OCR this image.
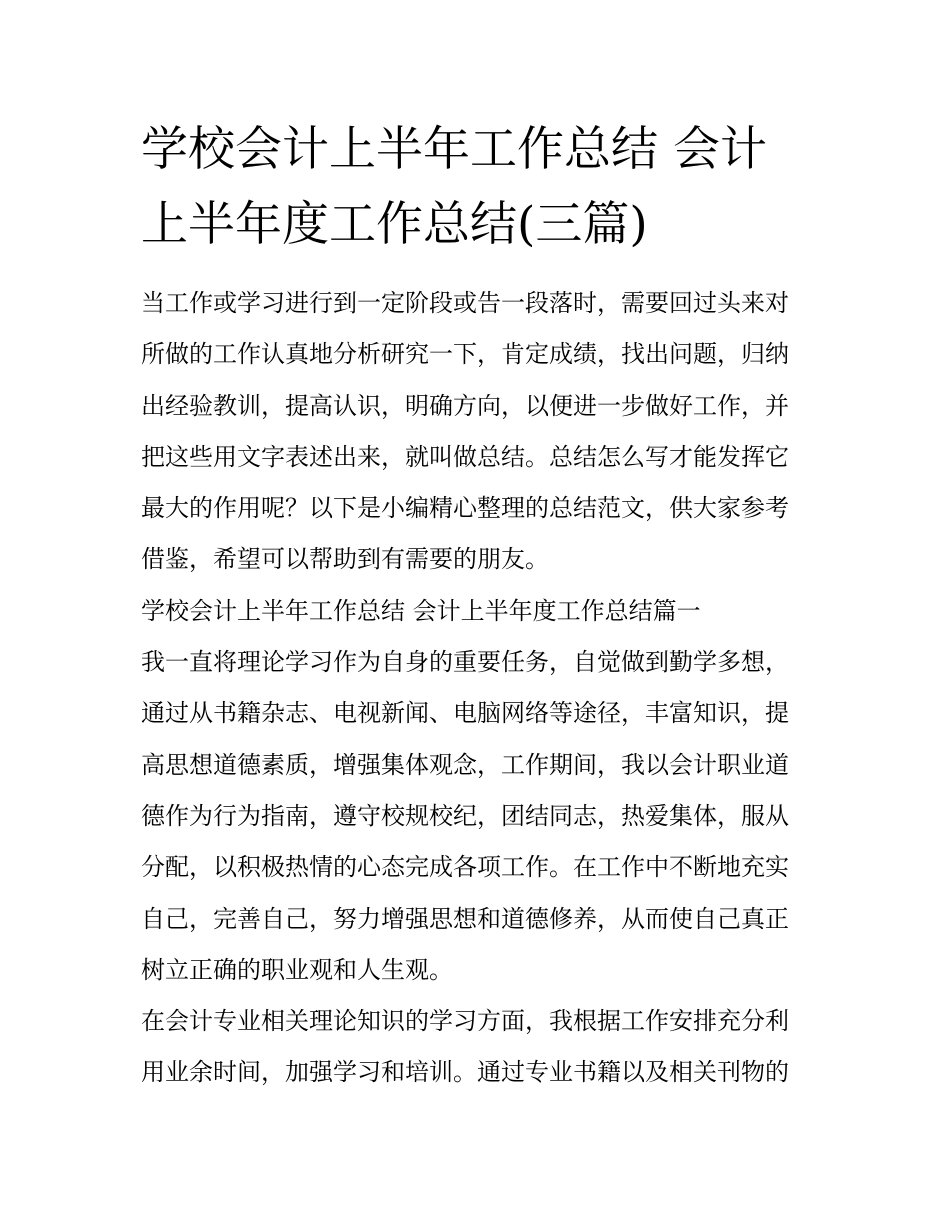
学校会计上半年工作总结 会计
上半年度工作总结(三篇)
当工作或学习进行到一定阶段或告一段落时，需要回过头来对
所做的工作认真地分析研究一下，肯定成绩，找出问题，归纳
出经验教训，提高认识，明确方向，以便进一步做好工作，并
把这些用文字表述出来，就叫做总结。总结怎么写才能发挥它
最大的作用呢？以下是小编精心整理的总结范文，供大家参考
借鉴，希望可以帮助到有需要的朋友。
学校会计上半年工作总结 会计上半年度工作总结篇一
我一直将理论学习作为自身的重要任务，自觉做到勤学多想，
通过从书籍杂志、电视新闻、电脑网络等途径，丰富知识，提
高思想道德素质，增强集体观念，工作期间，我以会计职业道
德作为行为指南，遵守校规校纪，团结同志，热爱集体，服从
分配，以积极热情的心态完成各项工作。在工作中不断地充实
自己，完善自己，努力增强思想和道德修养，从而使自己真正
树立正确的职业观和人生观。
在会计专业相关理论知识的学习方面，我根据工作安排充分利
用业余时间，加强学习和培训。通过专业书籍以及相关刊物的
